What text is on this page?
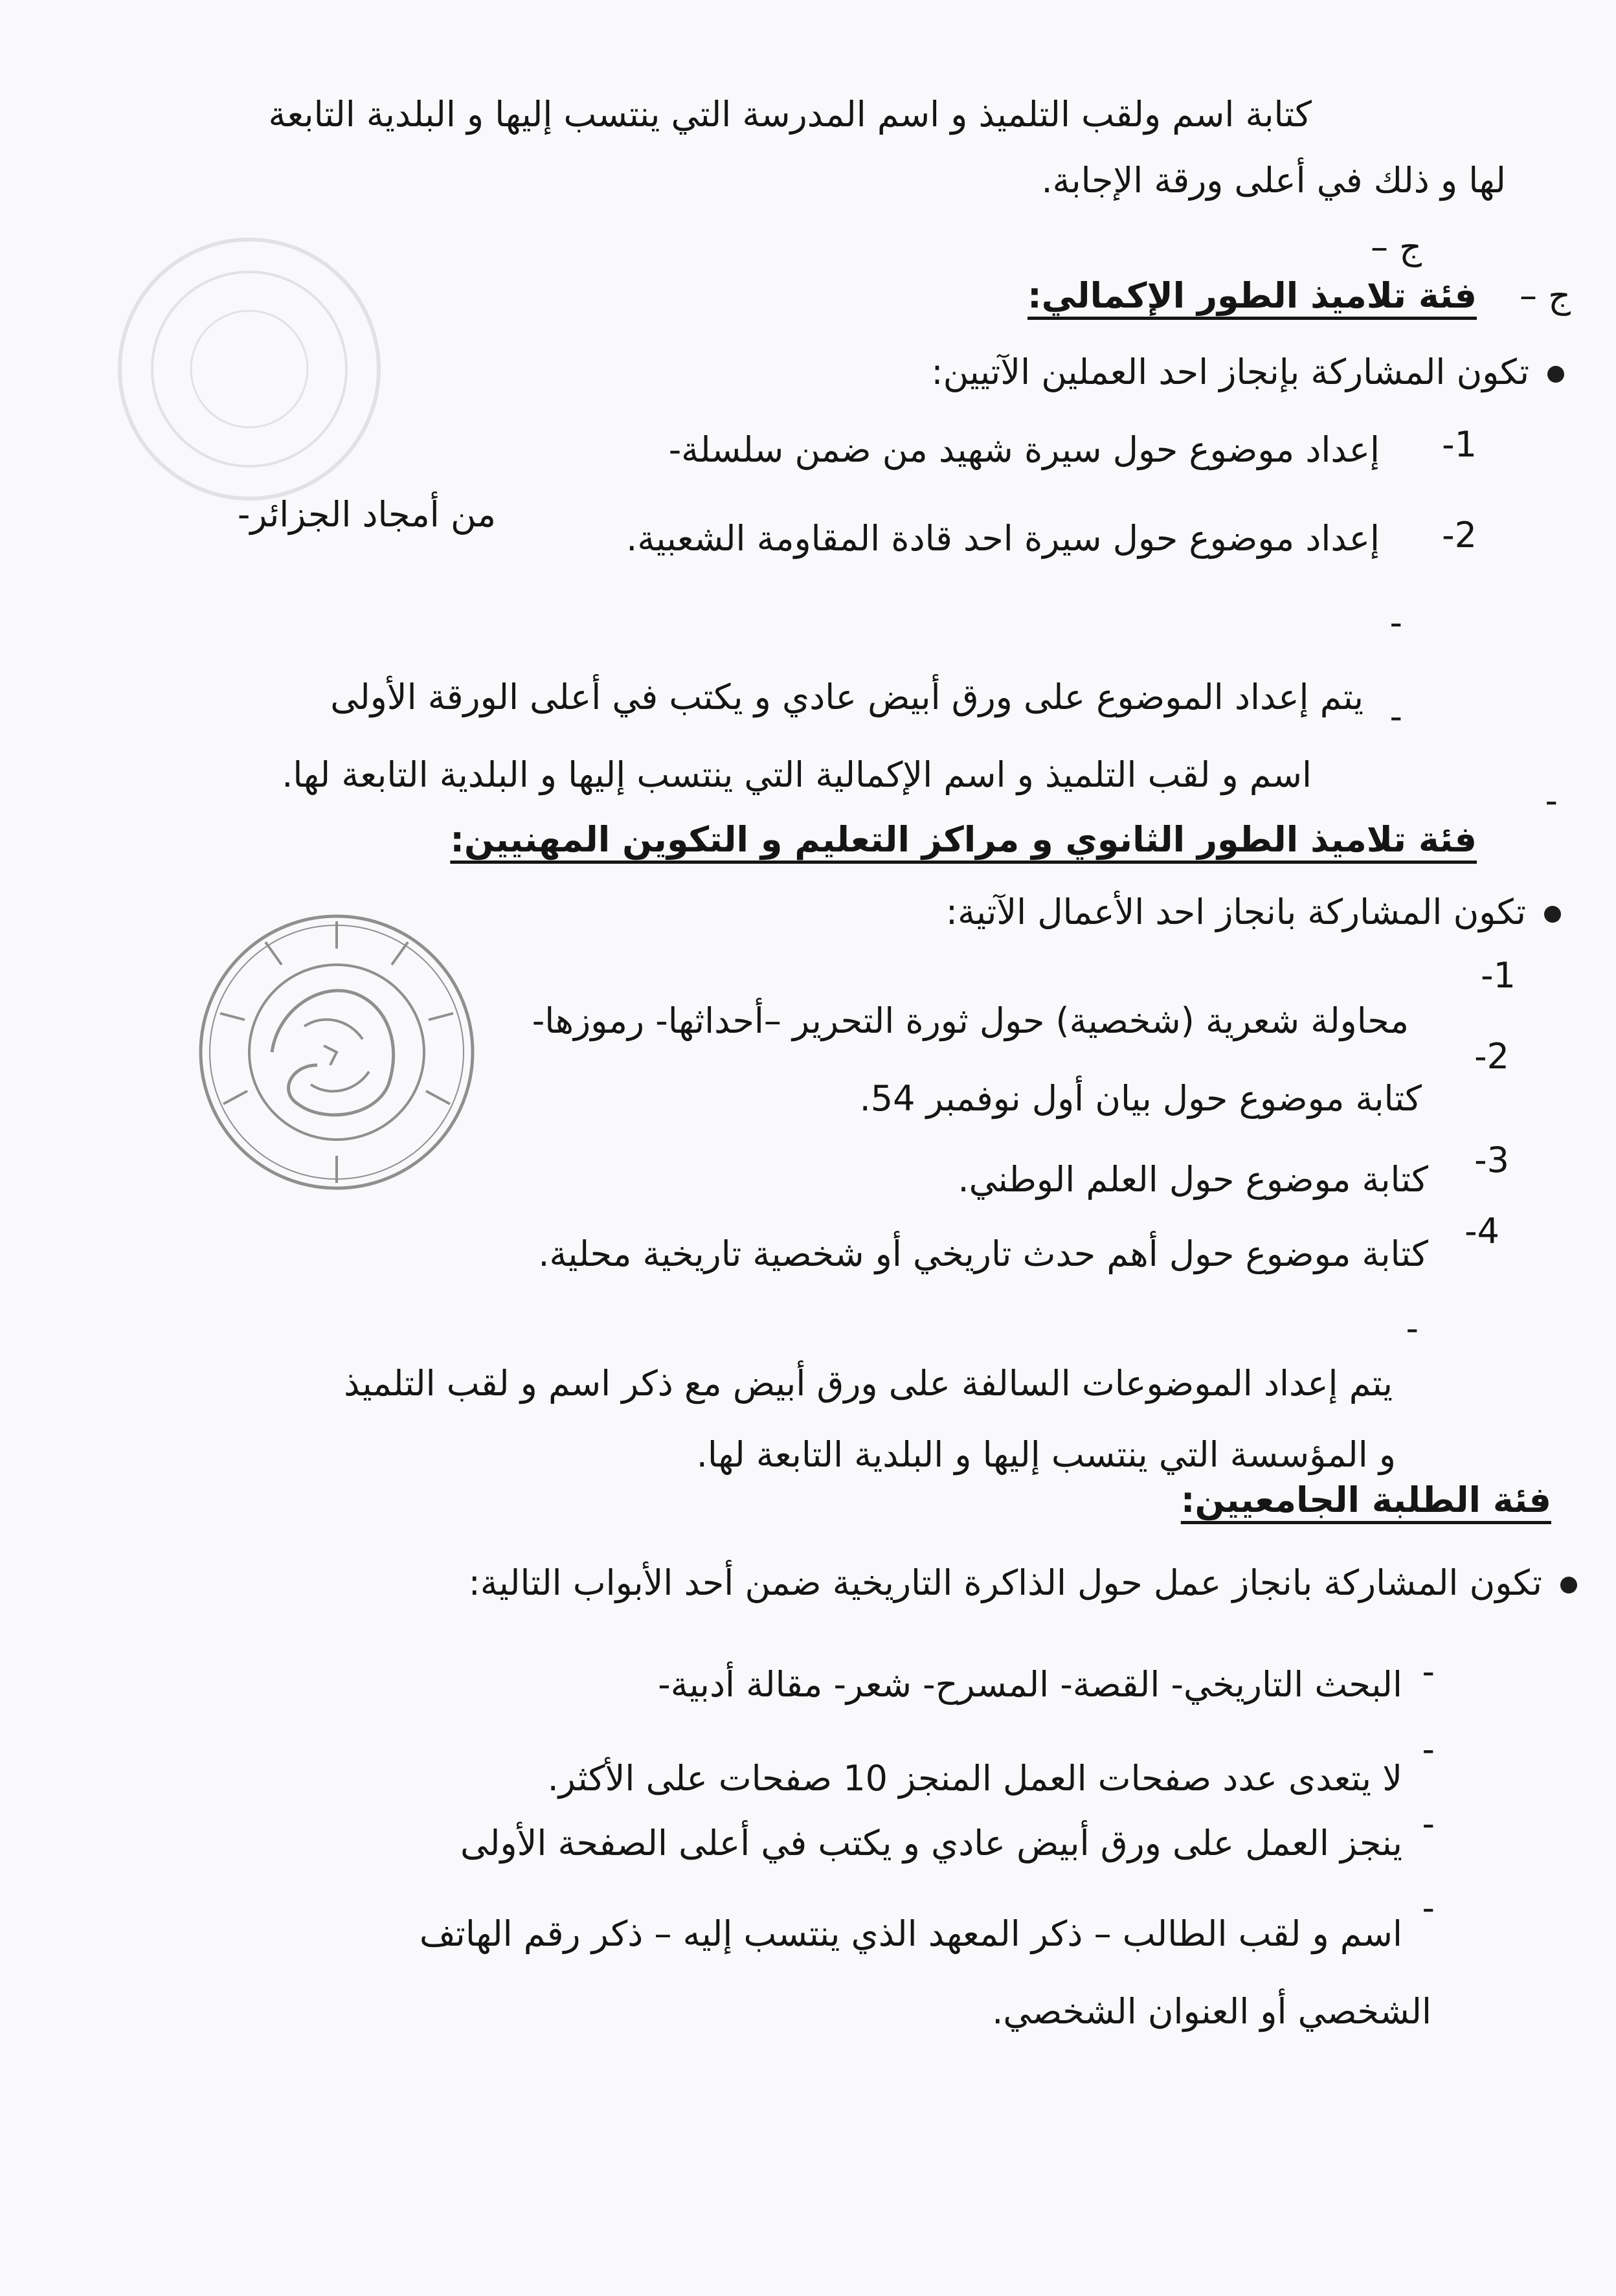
كتابة اسم ولقب التلميذ و اسم المدرسة التي ينتسب إليها و البلدية التابعة
لها و ذلك في أعلى ورقة الإجابة.
ج –
ج –
فئة تلاميذ الطور الإكمالي:
تكون المشاركة بإنجاز احد العملين الآتيين:
1-
إعداد موضوع حول سيرة شهيد من ضمن سلسلة-
من أمجاد الجزائر-
2-
إعداد موضوع حول سيرة احد قادة المقاومة الشعبية.
-
يتم إعداد الموضوع على ورق أبيض عادي و يكتب في أعلى الورقة الأولى -
اسم و لقب التلميذ و اسم الإكمالية التي ينتسب إليها و البلدية التابعة لها.
-
فئة تلاميذ الطور الثانوي و مراكز التعليم و التكوين المهنيين:
تكون المشاركة بانجاز احد الأعمال الآتية:
1-
محاولة شعرية (شخصية) حول ثورة التحرير –أحداثها- رموزها-
2-
كتابة موضوع حول بيان أول نوفمبر 54.
3-
كتابة موضوع حول العلم الوطني.
4-
كتابة موضوع حول أهم حدث تاريخي أو شخصية تاريخية محلية.
-
يتم إعداد الموضوعات السالفة على ورق أبيض مع ذكر اسم و لقب التلميذ
و المؤسسة التي ينتسب إليها و البلدية التابعة لها.
فئة الطلبة الجامعيين:
تكون المشاركة بانجاز عمل حول الذاكرة التاريخية ضمن أحد الأبواب التالية:
-
البحث التاريخي- القصة- المسرح- شعر- مقالة أدبية-
-
لا يتعدى عدد صفحات العمل المنجز 10 صفحات على الأكثر.
-
ينجز العمل على ورق أبيض عادي و يكتب في أعلى الصفحة الأولى
-
اسم و لقب الطالب – ذكر المعهد الذي ينتسب إليه – ذكر رقم الهاتف
الشخصي أو العنوان الشخصي.
